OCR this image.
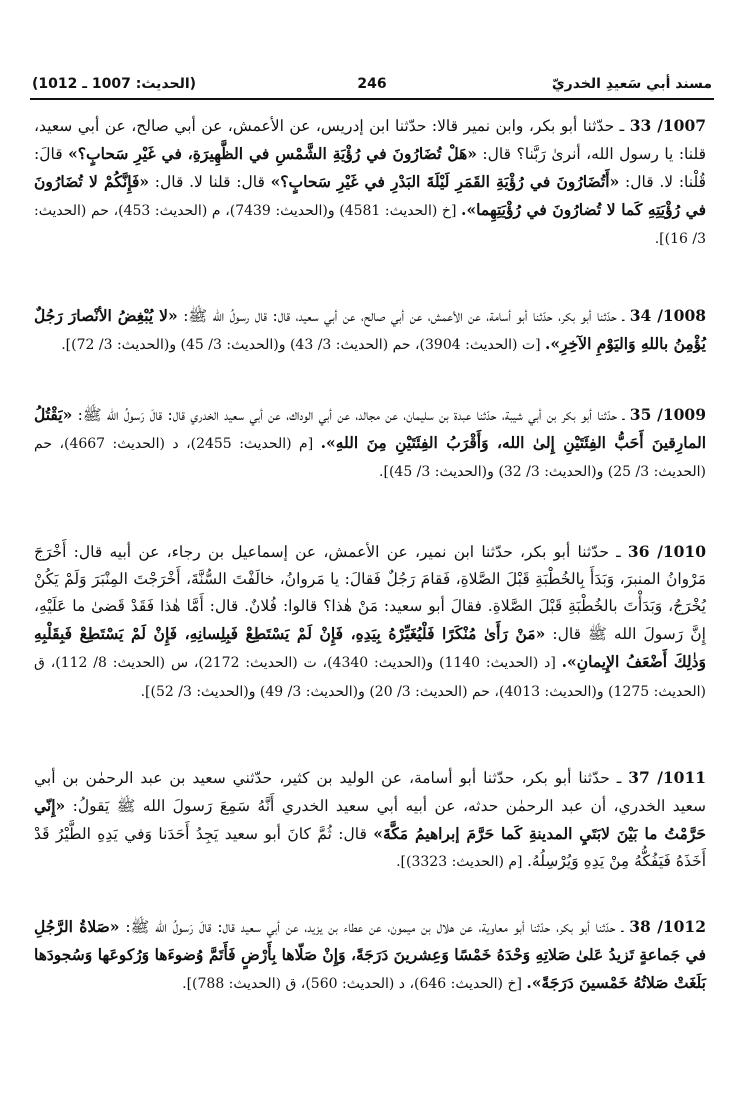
مسند أبي سَعيدِ الخدريّ
246
(الحديث: 1007 ـ 1012)

1007/ 33 ـ حدّثنا أبو بكر، وابن نمير قالا: حدّثنا ابن إدريس، عن الأعمش، عن أبي صالح، عن أبي سعيد، قلنا: يا رسول الله، أنرىٰ رَبَّنا؟ قال: «هَلْ تُضَارُونَ في رُؤْيَةِ الشَّمْسِ في الظَّهِيرَةِ، في غَيْرِ سَحابٍ؟» قالَ: قُلْنا: لا. قال: «أَتُضَارُونَ في رُؤْيَةِ القَمَرِ لَيْلَةَ البَدْرِ في غَيْرِ سَحابٍ؟» قال: قلنا لا. قال: «فَإِنَّكُمْ لا تُضَارُونَ في رُؤْيَتِهِ كَما لا تُضارُونَ في رُؤْيَتِهِما». [خ (الحديث: 4581) و(الحديث: 7439)، م (الحديث: 453)، حم (الحديث: 3/ 16)].

1008/ 34 ـ حدّثنا أبو بكر، حدّثنا أبو أسامة، عن الأعمش، عن أبي صالح، عن أبي سعيد، قال: قال رسولُ الله ﷺ: «لا يُبْغِضُ الأنْصارَ رَجُلٌ يُؤْمِنُ باللهِ وَاليَوْمِ الآخِرِ». [ت (الحديث: 3904)، حم (الحديث: 3/ 43) و(الحديث: 3/ 45) و(الحديث: 3/ 72)].

1009/ 35 ـ حدّثنا أبو بكر بن أبي شيبة، حدّثنا عبدة بن سليمان، عن مجالد، عن أبي الوداك، عن أبي سعيد الخدري قال: قالَ رَسولُ الله ﷺ: «يَقْتُلُ المارِقينَ أَحَبُّ الفِئَتَيْنِ إِلىٰ الله، وَأَقْرَبُ الفِئَتَيْنِ مِنَ اللهِ». [م (الحديث: 2455)، د (الحديث: 4667)، حم (الحديث: 3/ 25) و(الحديث: 3/ 32) و(الحديث: 3/ 45)].

1010/ 36 ـ حدّثنا أبو بكر، حدّثنا ابن نمير، عن الأعمش، عن إسماعيل بن رجاء، عن أبيه قال: أَخْرَجَ مَرْوانُ المنبرَ، وَبَدَأَ بِالخُطْبَةِ قَبْلَ الصَّلاةِ، فَقامَ رَجُلٌ فَقالَ: يا مَروانُ، خالَفْتَ السُّنَّةَ، أَخْرَجْتَ المِنْبَرَ وَلَمْ يَكُنْ يُخْرَجُ، وَبَدَأْتَ بالخُطْبَةِ قَبْلَ الصَّلاةِ. فقالَ أبو سعيد: مَنْ هٰذا؟ قالوا: فُلانٌ. قال: أَمَّا هٰذا فَقَدْ قَضىٰ ما عَلَيْهِ، إِنَّ رَسولَ الله ﷺ قال: «مَنْ رَأَىٰ مُنْكَرًا فَلْيُغَيِّرْهُ بِيَدِهِ، فَإِنْ لَمْ يَسْتَطِعْ فَبِلِسانِهِ، فَإِنْ لَمْ يَسْتَطِعْ فَبِقَلْبِهِ وَذٰلِكَ أَضْعَفُ الإِيمانِ». [د (الحديث: 1140) و(الحديث: 4340)، ت (الحديث: 2172)، س (الحديث: 8/ 112)، ق (الحديث: 1275) و(الحديث: 4013)، حم (الحديث: 3/ 20) و(الحديث: 3/ 49) و(الحديث: 3/ 52)].

1011/ 37 ـ حدّثنا أبو بكر، حدّثنا أبو أسامة، عن الوليد بن كثير، حدّثني سعيد بن عبد الرحمٰن بن أبي سعيد الخدري، أن عبد الرحمٰن حدثه، عن أبيه أبي سعيد الخدري أَنَّهُ سَمِعَ رَسولَ الله ﷺ يَقولُ: «إِنّي حَرَّمْتُ ما بَيْنَ لابَتَيِ المدينةِ كَما حَرَّمَ إبراهيمُ مَكَّةَ» قال: ثُمَّ كانَ أبو سعيد يَجِدُ أَحَدَنا وَفي يَدِهِ الطَّيْرُ قَدْ أَخَذَهُ فَيَفُكُّهُ مِنْ يَدِهِ وَيُرْسِلُهُ. [م (الحديث: 3323)].

1012/ 38 ـ حدّثنا أبو بكر، حدّثنا أبو معاوية، عن هلال بن ميمون، عن عطاء بن يزيد، عن أبي سعيد قال: قالَ رَسولُ الله ﷺ: «صَلاةُ الرَّجُلِ في جَماعةٍ تَزيدُ عَلىٰ صَلاتِهِ وَحْدَهُ خَمْسًا وَعِشرينَ دَرَجَةً، وَإِنْ صَلّاها بِأَرْضٍ فَأَتَمَّ وُضوءَها وَرُكوعَها وَسُجودَها بَلَغَتْ صَلاتُهُ خَمْسينَ دَرَجَةً». [خ (الحديث: 646)، د (الحديث: 560)، ق (الحديث: 788)].
